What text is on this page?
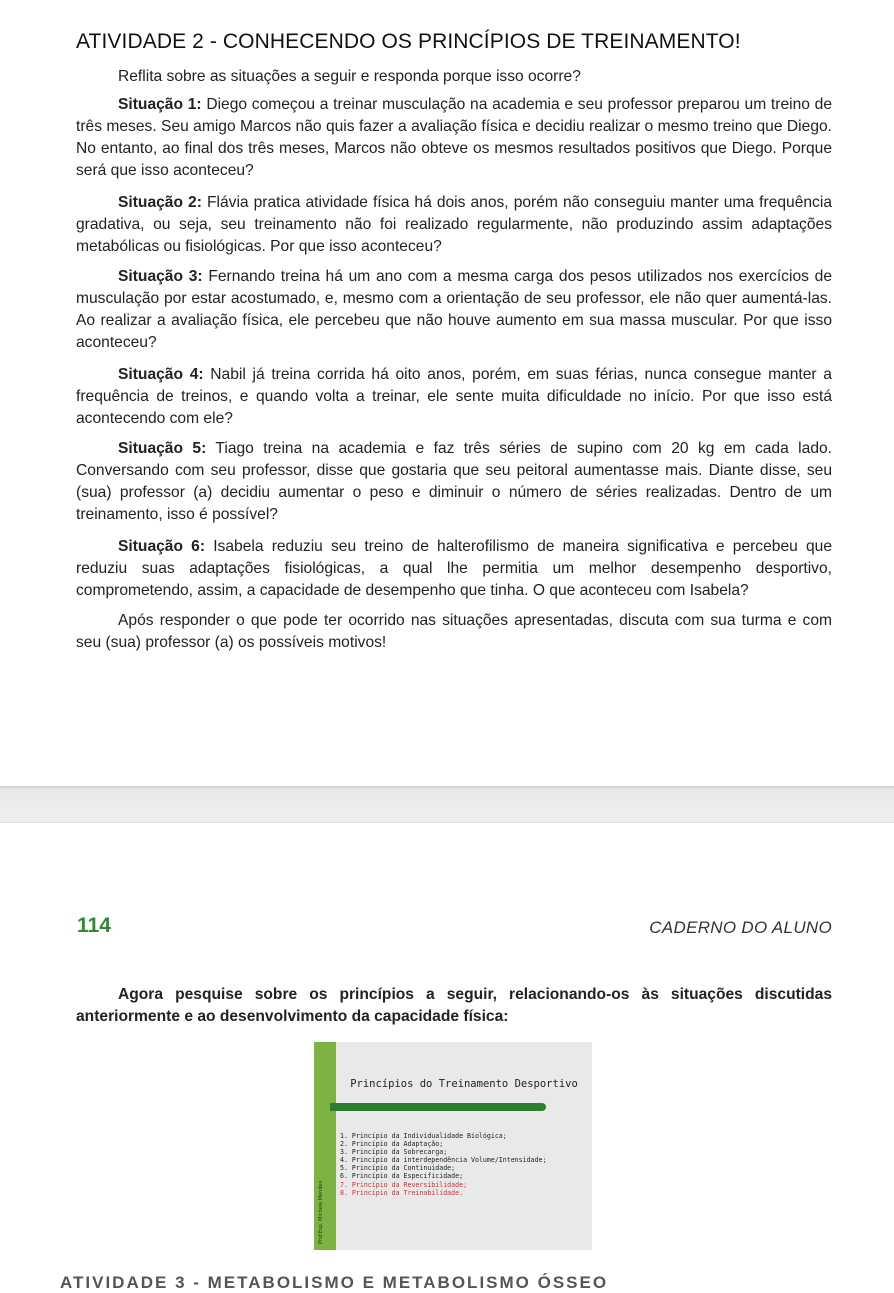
ATIVIDADE 2 - CONHECENDO OS PRINCÍPIOS DE TREINAMENTO!

Reflita sobre as situações a seguir e responda porque isso ocorre?

Situação 1: Diego começou a treinar musculação na academia e seu professor preparou um treino de três meses. Seu amigo Marcos não quis fazer a avaliação física e decidiu realizar o mesmo treino que Diego. No entanto, ao final dos três meses, Marcos não obteve os mesmos resultados positivos que Diego. Porque será que isso aconteceu?

Situação 2: Flávia pratica atividade física há dois anos, porém não conseguiu manter uma frequência gradativa, ou seja, seu treinamento não foi realizado regularmente, não produzindo assim adaptações metabólicas ou fisiológicas. Por que isso aconteceu?

Situação 3: Fernando treina há um ano com a mesma carga dos pesos utilizados nos exercícios de musculação por estar acostumado, e, mesmo com a orientação de seu professor, ele não quer aumentá-las. Ao realizar a avaliação física, ele percebeu que não houve aumento em sua massa muscular. Por que isso aconteceu?

Situação 4: Nabil já treina corrida há oito anos, porém, em suas férias, nunca consegue manter a frequência de treinos, e quando volta a treinar, ele sente muita dificuldade no início. Por que isso está acontecendo com ele?

Situação 5: Tiago treina na academia e faz três séries de supino com 20 kg em cada lado. Conversando com seu professor, disse que gostaria que seu peitoral aumentasse mais. Diante disse, seu (sua) professor (a) decidiu aumentar o peso e diminuir o número de séries realizadas. Dentro de um treinamento, isso é possível?

Situação 6: Isabela reduziu seu treino de halterofilismo de maneira significativa e percebeu que reduziu suas adaptações fisiológicas, a qual lhe permitia um melhor desempenho desportivo, comprometendo, assim, a capacidade de desempenho que tinha. O que aconteceu com Isabela?

Após responder o que pode ter ocorrido nas situações apresentadas, discuta com sua turma e com seu (sua) professor (a) os possíveis motivos!

114	CADERNO DO ALUNO

Agora pesquise sobre os princípios a seguir, relacionando-os às situações discutidas anteriormente e ao desenvolvimento da capacidade física:

Prof.Esp. Michele Mendes
Princípios do Treinamento Desportivo
1. Princípio da Individualidade Biológica;
2. Princípio da Adaptação;
3. Princípio da Sobrecarga;
4. Princípio da interdependência Volume/Intensidade;
5. Princípio da Continuidade;
6. Princípio da Especificidade;
7. Princípio da Reversibilidade;
8. Princípio da Treinabilidade.
ATIVIDADE 3 - METABOLISMO E METABOLISMO ÓSSEO
